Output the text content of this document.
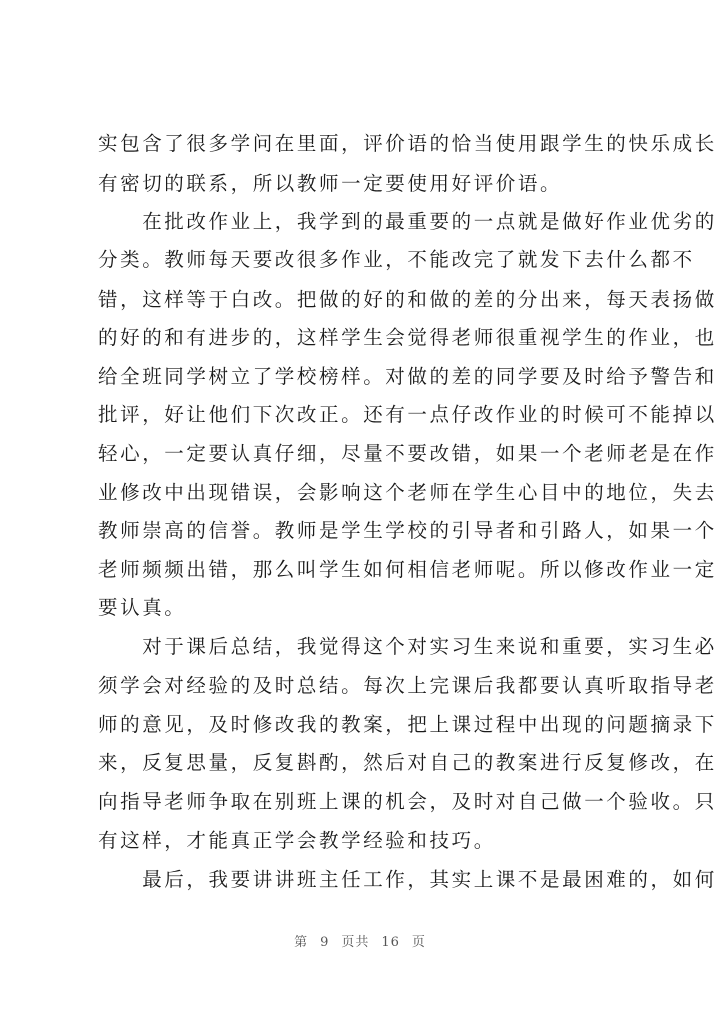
实包含了很多学问在里面，评价语的恰当使用跟学生的快乐成长
有密切的联系，所以教师一定要使用好评价语。
　　在批改作业上，我学到的最重要的一点就是做好作业优劣的
分类。教师每天要改很多作业，不能改完了就发下去什么都不
错，这样等于白改。把做的好的和做的差的分出来，每天表扬做
的好的和有进步的，这样学生会觉得老师很重视学生的作业，也
给全班同学树立了学校榜样。对做的差的同学要及时给予警告和
批评，好让他们下次改正。还有一点仔改作业的时候可不能掉以
轻心，一定要认真仔细，尽量不要改错，如果一个老师老是在作
业修改中出现错误，会影响这个老师在学生心目中的地位，失去
教师崇高的信誉。教师是学生学校的引导者和引路人，如果一个
老师频频出错，那么叫学生如何相信老师呢。所以修改作业一定
要认真。
　　对于课后总结，我觉得这个对实习生来说和重要，实习生必
须学会对经验的及时总结。每次上完课后我都要认真听取指导老
师的意见，及时修改我的教案，把上课过程中出现的问题摘录下
来，反复思量，反复斟酌，然后对自己的教案进行反复修改，在
向指导老师争取在别班上课的机会，及时对自己做一个验收。只
有这样，才能真正学会教学经验和技巧。
　　最后，我要讲讲班主任工作，其实上课不是最困难的，如何
第 9 页共 16 页
